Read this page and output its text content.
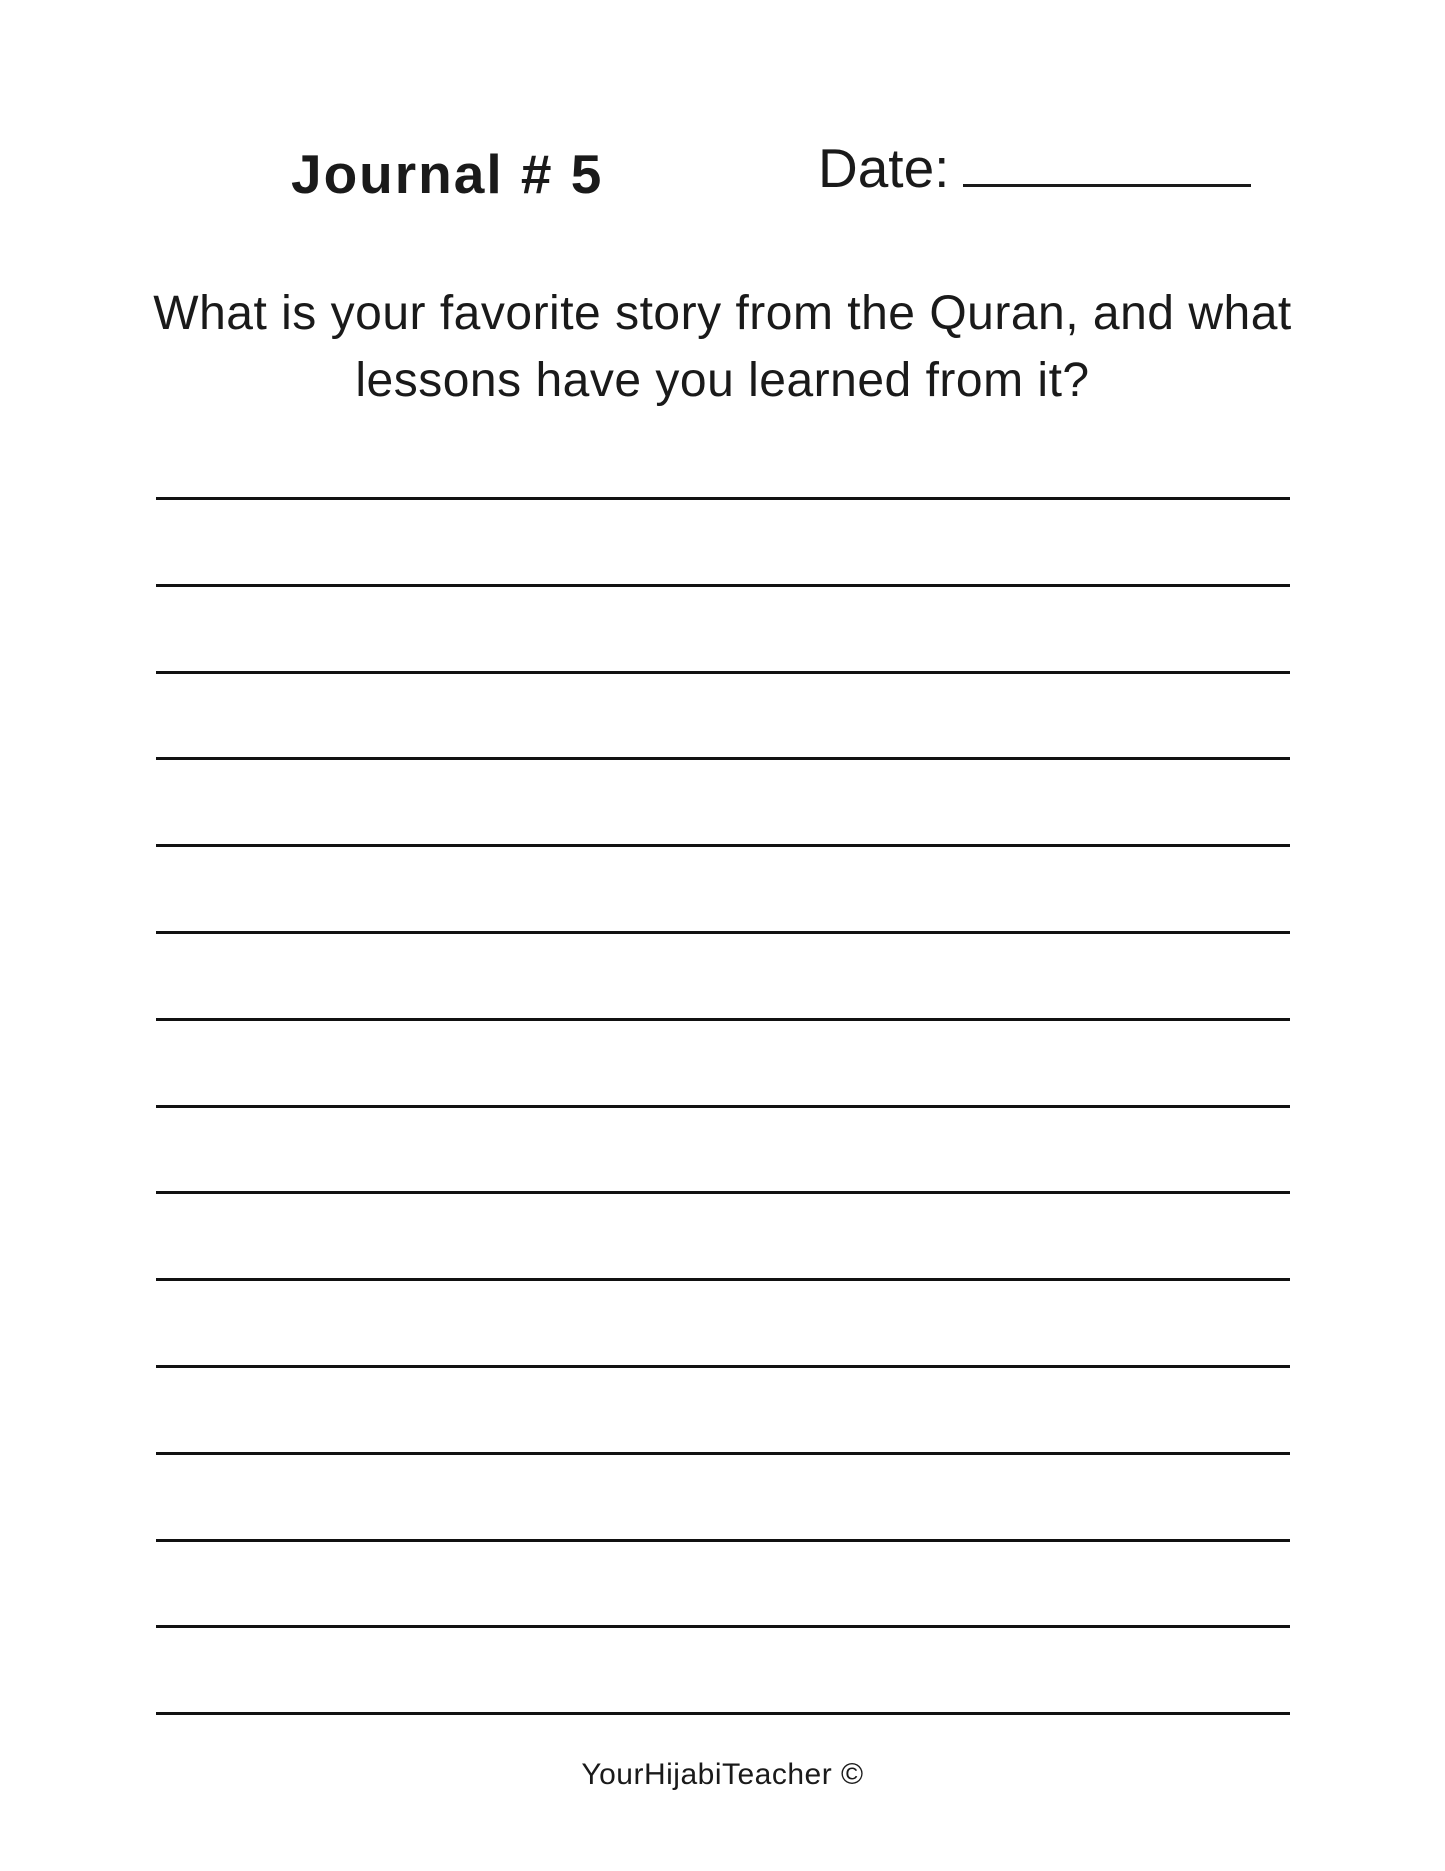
Journal # 5	Date:
What is your favorite story from the Quran, and what
lessons have you learned from it?
YourHijabiTeacher ©
